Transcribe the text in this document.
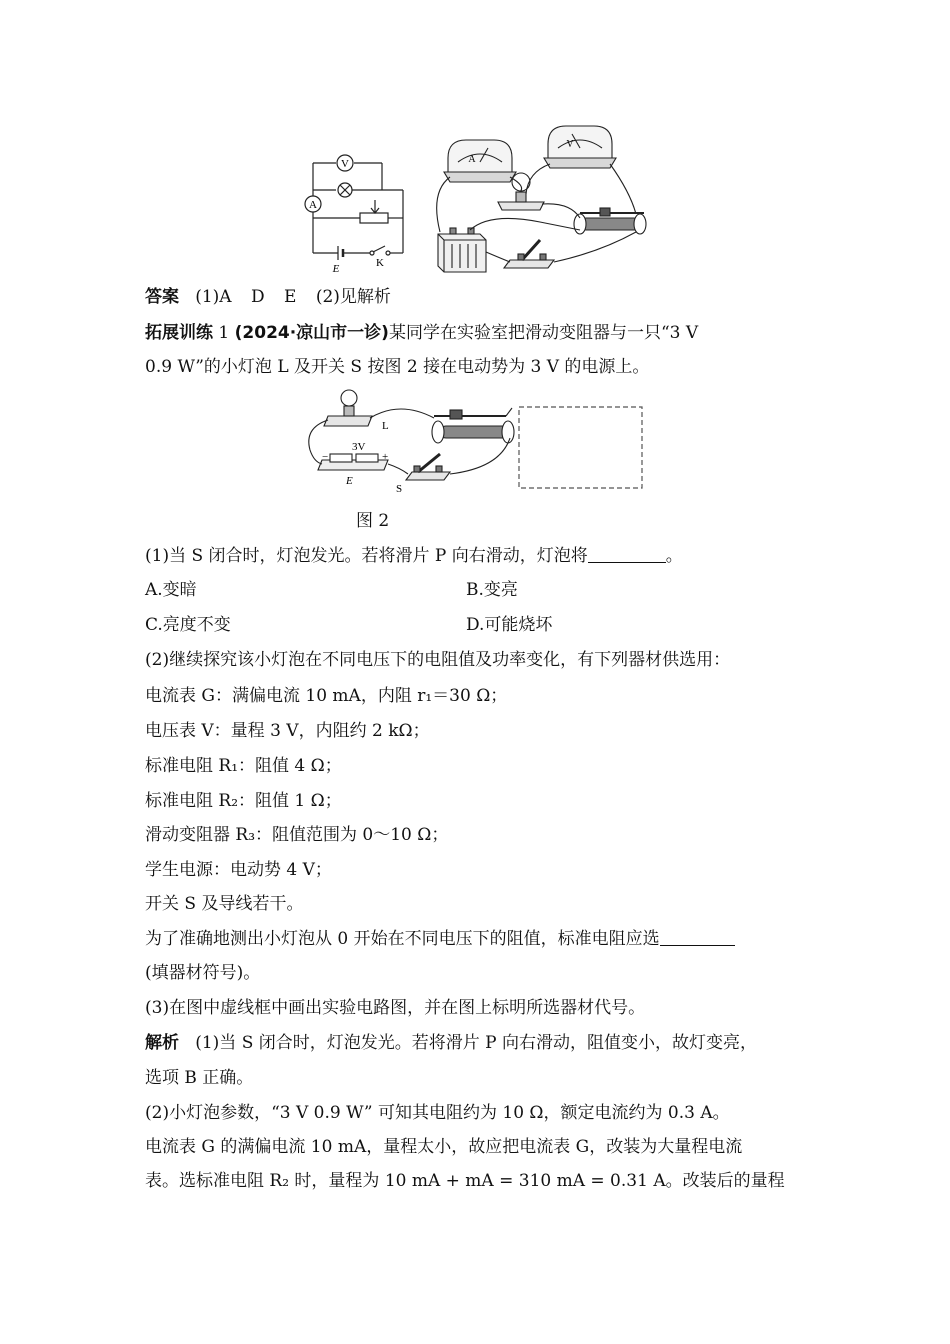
V
A
E	K
A
V
答案 (1)A D E (2)见解析
拓展训练 1 (2024·凉山市一诊)某同学在实验室把滑动变阻器与一只“3 V
0.9 W”的小灯泡 L 及开关 S 按图 2 接在电动势为 3 V 的电源上。
L
3V
−	+
E
S
图 2
(1)当 S 闭合时，灯泡发光。若将滑片 P 向右滑动，灯泡将	。
A.变暗	B.变亮
C.亮度不变	D.可能烧坏
(2)继续探究该小灯泡在不同电压下的电阻值及功率变化，有下列器材供选用：
电流表 G：满偏电流 10 mA，内阻 r₁＝30 Ω；
电压表 V：量程 3 V，内阻约 2 kΩ；
标准电阻 R₁：阻值 4 Ω；
标准电阻 R₂：阻值 1 Ω；
滑动变阻器 R₃：阻值范围为 0～10 Ω；
学生电源：电动势 4 V；
开关 S 及导线若干。
为了准确地测出小灯泡从 0 开始在不同电压下的阻值，标准电阻应选
(填器材符号)。
(3)在图中虚线框中画出实验电路图，并在图上标明所选器材代号。
解析 (1)当 S 闭合时，灯泡发光。若将滑片 P 向右滑动，阻值变小，故灯变亮，
选项 B 正确。
(2)小灯泡参数，“3 V 0.9 W” 可知其电阻约为 10 Ω，额定电流约为 0.3 A。
电流表 G 的满偏电流 10 mA，量程太小，故应把电流表 G，改装为大量程电流
表。选标准电阻 R₂ 时，量程为 10 mA + mA = 310 mA = 0.31 A。改装后的量程
